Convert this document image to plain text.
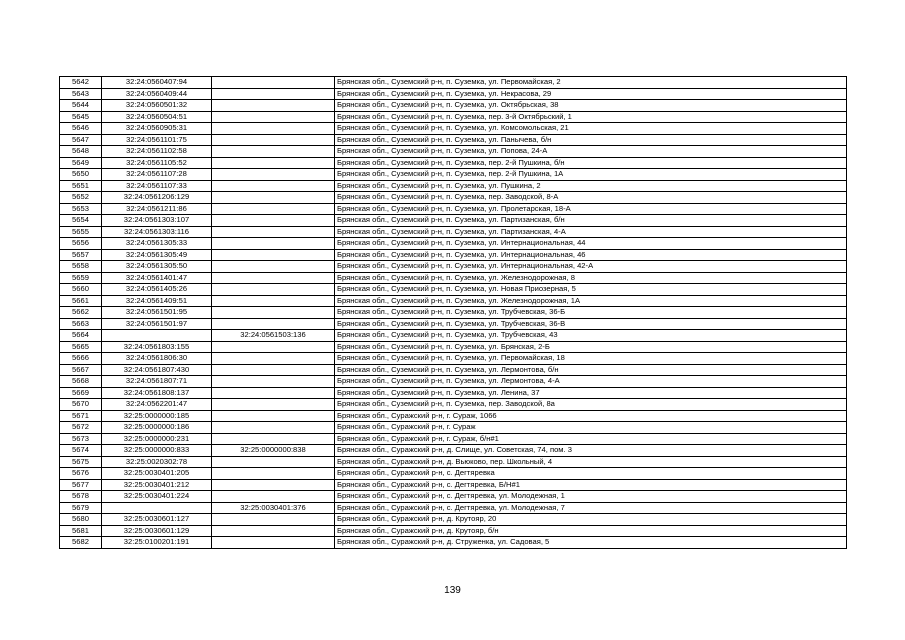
5642	32:24:0560407:94		Брянская обл., Суземский р-н, п. Суземка, ул. Первомайская, 2
5643	32:24:0560409:44		Брянская обл., Суземский р-н, п. Суземка, ул. Некрасова, 29
5644	32:24:0560501:32		Брянская обл., Суземский р-н, п. Суземка, ул. Октябрьская, 38
5645	32:24:0560504:51		Брянская обл., Суземский р-н, п. Суземка, пер. 3-й Октябрьский, 1
5646	32:24:0560905:31		Брянская обл., Суземский р-н, п. Суземка, ул. Комсомольская, 21
5647	32:24:0561101:75		Брянская обл., Суземский р-н, п. Суземка, ул. Панычева, б/н
5648	32:24:0561102:58		Брянская обл., Суземский р-н, п. Суземка, ул. Попова, 24-А
5649	32:24:0561105:52		Брянская обл., Суземский р-н, п. Суземка, пер. 2-й Пушкина, б/н
5650	32:24:0561107:28		Брянская обл., Суземский р-н, п. Суземка, пер. 2-й Пушкина, 1А
5651	32:24:0561107:33		Брянская обл., Суземский р-н, п. Суземка, ул. Пушкина, 2
5652	32:24:0561206:129		Брянская обл., Суземский р-н, п. Суземка, пер. Заводской, 8-А
5653	32:24:0561211:86		Брянская обл., Суземский р-н, п. Суземка, ул. Пролетарская, 18-А
5654	32:24:0561303:107		Брянская обл., Суземский р-н, п. Суземка, ул. Партизанская, б/н
5655	32:24:0561303:116		Брянская обл., Суземский р-н, п. Суземка, ул. Партизанская, 4-А
5656	32:24:0561305:33		Брянская обл., Суземский р-н, п. Суземка, ул. Интернациональная, 44
5657	32:24:0561305:49		Брянская обл., Суземский р-н, п. Суземка, ул. Интернациональная, 46
5658	32:24:0561305:50		Брянская обл., Суземский р-н, п. Суземка, ул. Интернациональная, 42-А
5659	32:24:0561401:47		Брянская обл., Суземский р-н, п. Суземка, ул. Железнодорожная, 8
5660	32:24:0561405:26		Брянская обл., Суземский р-н, п. Суземка, ул. Новая Приозерная, 5
5661	32:24:0561409:51		Брянская обл., Суземский р-н, п. Суземка, ул. Железнодорожная, 1А
5662	32:24:0561501:95		Брянская обл., Суземский р-н, п. Суземка, ул. Трубчевская, 36-Б
5663	32:24:0561501:97		Брянская обл., Суземский р-н, п. Суземка, ул. Трубчевская, 36-В
5664		32:24:0561503:136	Брянская обл., Суземский р-н, п. Суземка, ул. Трубчевская, 43
5665	32:24:0561803:155		Брянская обл., Суземский р-н, п. Суземка, ул. Брянская, 2-Б
5666	32:24:0561806:30		Брянская обл., Суземский р-н, п. Суземка, ул. Первомайская, 18
5667	32:24:0561807:430		Брянская обл., Суземский р-н, п. Суземка, ул. Лермонтова, б/н
5668	32:24:0561807:71		Брянская обл., Суземский р-н, п. Суземка, ул. Лермонтова, 4-А
5669	32:24:0561808:137		Брянская обл., Суземский р-н, п. Суземка, ул. Ленина, 37
5670	32:24:0562201:47		Брянская обл., Суземский р-н, п. Суземка, пер. Заводской, 8а
5671	32:25:0000000:185		Брянская обл., Суражский р-н, г. Сураж, 1066
5672	32:25:0000000:186		Брянская обл., Суражский р-н, г. Сураж
5673	32:25:0000000:231		Брянская обл., Суражский р-н, г. Сураж, б/н#1
5674	32:25:0000000:833	32:25:0000000:838	Брянская обл., Суражский р-н, д. Слище, ул. Советская, 74, пом. 3
5675	32:25:0020302:78		Брянская обл., Суражский р-н, д. Вьюково, пер. Школьный, 4
5676	32:25:0030401:205		Брянская обл., Суражский р-н, с. Дегтяревка
5677	32:25:0030401:212		Брянская обл., Суражский р-н, с. Дегтяревка, Б/Н#1
5678	32:25:0030401:224		Брянская обл., Суражский р-н, с. Дегтяревка, ул. Молодежная, 1
5679		32:25:0030401:376	Брянская обл., Суражский р-н, с. Дегтяревка, ул. Молодежная, 7
5680	32:25:0030601:127		Брянская обл., Суражский р-н, д. Крутояр, 20
5681	32:25:0030601:129		Брянская обл., Суражский р-н, д. Крутояр, б/н
5682	32:25:0100201:191		Брянская обл., Суражский р-н, д. Струженка, ул. Садовая, 5
139
